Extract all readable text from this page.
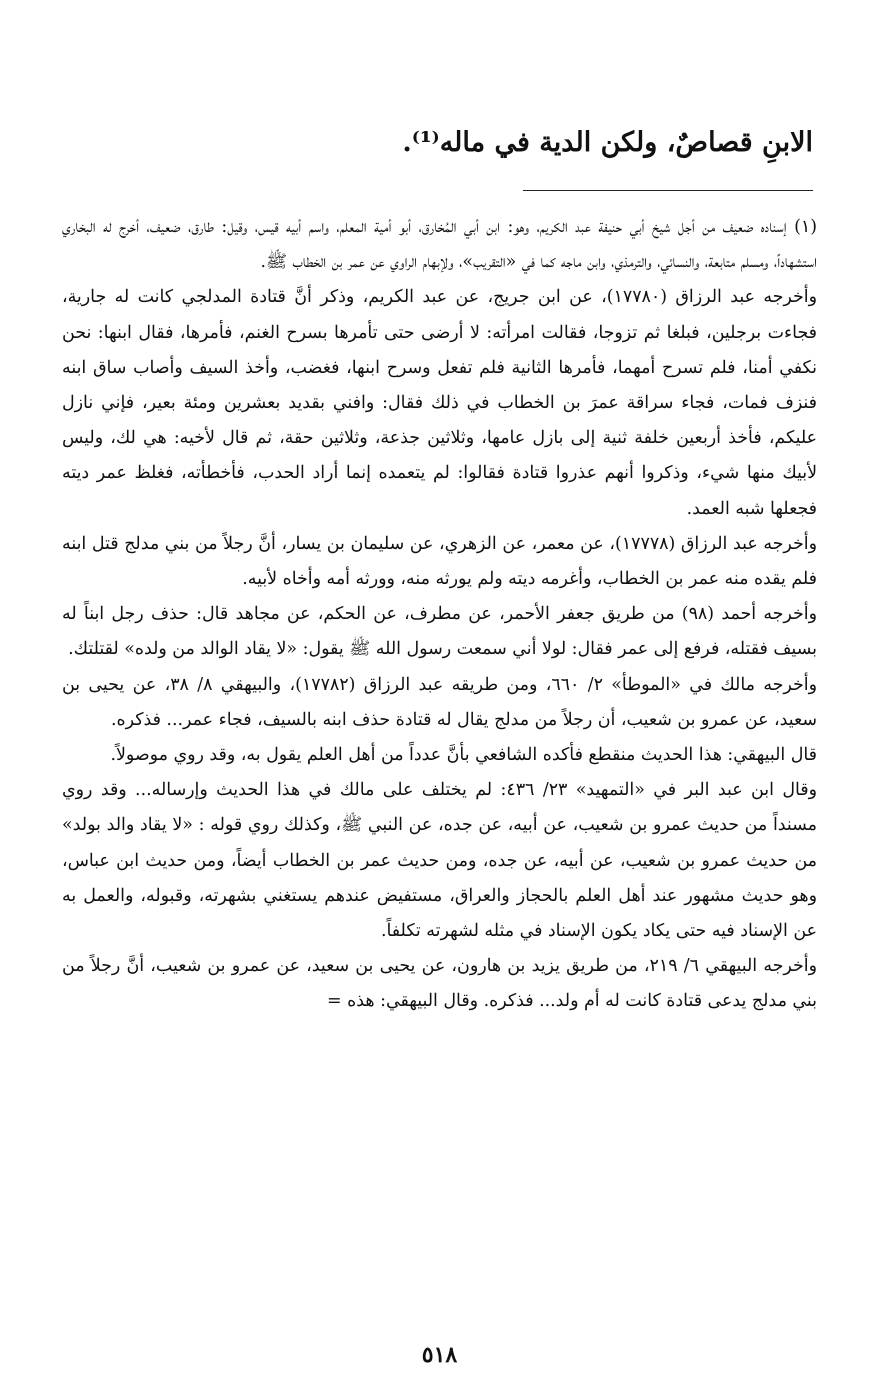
الابنِ قصاصٌ، ولكن الدية في ماله⁽¹⁾.

(١) إسناده ضعيف من أجل شيخ أبي حنيفة عبد الكريم، وهو: ابن أبي المُخارق، أبو أمية المعلم، واسم أبيه قيس، وقيل: طارق، ضعيف، أخرج له البخاري استشهاداً، ومسلم متابعة، والنسائي، والترمذي، وابن ماجه كما في «التقريب»، ولإبهام الراوي عن عمر بن الخطاب ﷺ.

وأخرجه عبد الرزاق (١٧٧٨٠)، عن ابن جريج، عن عبد الكريم، وذكر أنَّ قتادة المدلجي كانت له جارية، فجاءت برجلين، فبلغا ثم تزوجا، فقالت امرأته: لا أرضى حتى تأمرها بسرح الغنم، فأمرها، فقال ابنها: نحن نكفي أمنا، فلم تسرح أمهما، فأمرها الثانية فلم تفعل وسرح ابنها، فغضب، وأخذ السيف وأصاب ساق ابنه فنزف فمات، فجاء سراقة عمرَ بن الخطاب في ذلك فقال: وافني بقديد بعشرين ومئة بعير، فإني نازل عليكم، فأخذ أربعين خلفة ثنية إلى بازل عامها، وثلاثين جذعة، وثلاثين حقة، ثم قال لأخيه: هي لك، وليس لأبيك منها شيء، وذكروا أنهم عذروا قتادة فقالوا: لم يتعمده إنما أراد الحدب، فأخطأته، فغلظ عمر ديته فجعلها شبه العمد.

وأخرجه عبد الرزاق (١٧٧٧٨)، عن معمر، عن الزهري، عن سليمان بن يسار، أنَّ رجلاً من بني مدلج قتل ابنه فلم يقده منه عمر بن الخطاب، وأغرمه ديته ولم يورثه منه، وورثه أمه وأخاه لأبيه.

وأخرجه أحمد (٩٨) من طريق جعفر الأحمر، عن مطرف، عن الحكم، عن مجاهد قال: حذف رجل ابناً له بسيف فقتله، فرفع إلى عمر فقال: لولا أني سمعت رسول الله ﷺ يقول: «لا يقاد الوالد من ولده» لقتلتك.

وأخرجه مالك في «الموطأ» ٢/ ٦٦٠، ومن طريقه عبد الرزاق (١٧٧٨٢)، والبيهقي ٨/ ٣٨، عن يحيى بن سعيد، عن عمرو بن شعيب، أن رجلاً من مدلج يقال له قتادة حذف ابنه بالسيف، فجاء عمر... فذكره.

قال البيهقي: هذا الحديث منقطع فأكده الشافعي بأنَّ عدداً من أهل العلم يقول به، وقد روي موصولاً.

وقال ابن عبد البر في «التمهيد» ٢٣/ ٤٣٦: لم يختلف على مالك في هذا الحديث وإرساله... وقد روي مسنداً من حديث عمرو بن شعيب، عن أبيه، عن جده، عن النبي ﷺ، وكذلك روي قوله : «لا يقاد والد بولد» من حديث عمرو بن شعيب، عن أبيه، عن جده، ومن حديث عمر بن الخطاب أيضاً، ومن حديث ابن عباس، وهو حديث مشهور عند أهل العلم بالحجاز والعراق، مستفيض عندهم يستغني بشهرته، وقبوله، والعمل به عن الإسناد فيه حتى يكاد يكون الإسناد في مثله لشهرته تكلفاً.

وأخرجه البيهقي ٦/ ٢١٩، من طريق يزيد بن هارون، عن يحيى بن سعيد، عن عمرو بن شعيب، أنَّ رجلاً من بني مدلج يدعى قتادة كانت له أم ولد... فذكره. وقال البيهقي: هذه =

٥١٨
